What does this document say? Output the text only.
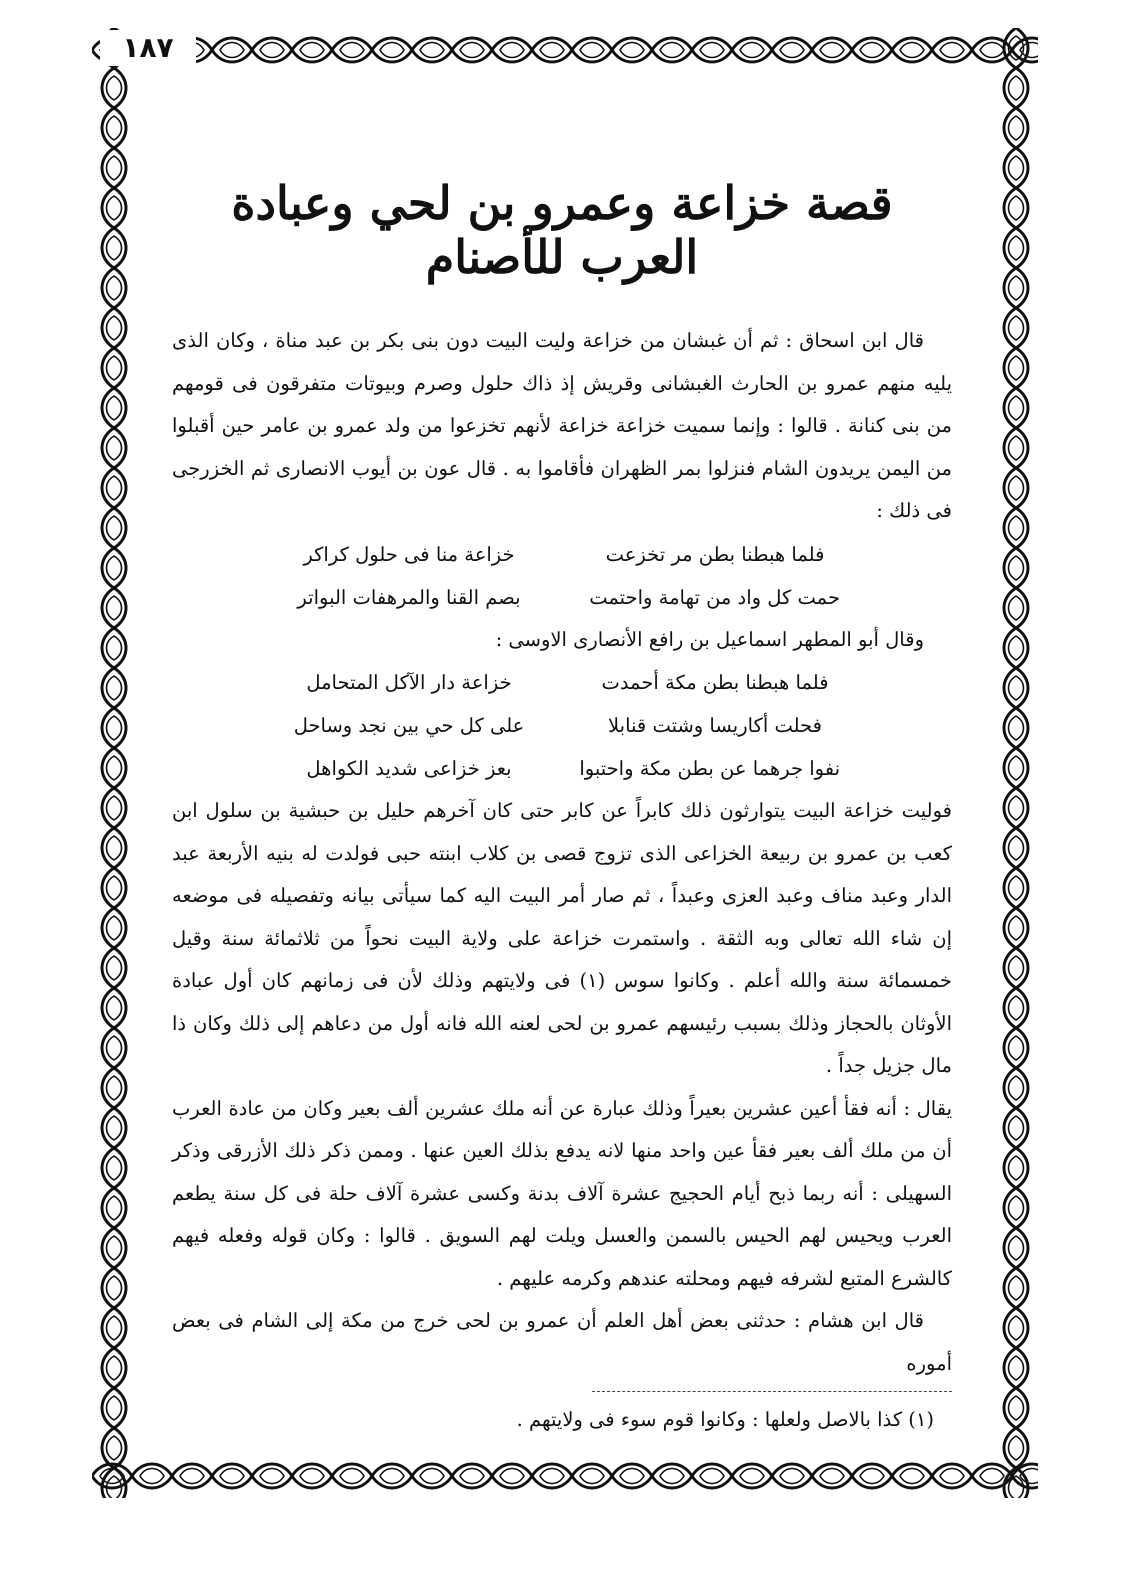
١٨٧
قصة خزاعة وعمرو بن لحي وعبادة العرب للأصنام

قال ابن اسحاق : ثم أن غبشان من خزاعة وليت البيت دون بنى بكر بن عبد مناة ، وكان الذى يليه منهم عمرو بن الحارث الغبشانى وقريش إذ ذاك حلول وصرم وبيوتات متفرقون فى قومهم من بنى كنانة . قالوا : وإنما سميت خزاعة خزاعة لأنهم تخزعوا من ولد عمرو بن عامر حين أقبلوا من اليمن يريدون الشام فنزلوا بمر الظهران فأقاموا به . قال عون بن أيوب الانصارى ثم الخزرجى فى ذلك :

فلما هبطنا بطن مر تخزعت
خزاعة منا فى حلول كراكر
حمت كل واد من تهامة واحتمت
بصم القنا والمرهفات البواتر

وقال أبو المطهر اسماعيل بن رافع الأنصارى الاوسى :

فلما هبطنا بطن مكة أحمدت
خزاعة دار الآكل المتحامل
فحلت أكاريسا وشتت قنابلا
على كل حي بين نجد وساحل
نفوا جرهما عن بطن مكة واحتبوا
بعز خزاعى شديد الكواهل

فوليت خزاعة البيت يتوارثون ذلك كابراً عن كابر حتى كان آخرهم حليل بن حبشية بن سلول ابن كعب بن عمرو بن ربيعة الخزاعى الذى تزوج قصى بن كلاب ابنته حبى فولدت له بنيه الأربعة عبد الدار وعبد مناف وعبد العزى وعبداً ، ثم صار أمر البيت اليه كما سيأتى بيانه وتفصيله فى موضعه إن شاء الله تعالى وبه الثقة . واستمرت خزاعة على ولاية البيت نحواً من ثلاثمائة سنة وقيل خمسمائة سنة والله أعلم . وكانوا سوس (١) فى ولايتهم وذلك لأن فى زمانهم كان أول عبادة الأوثان بالحجاز وذلك بسبب رئيسهم عمرو بن لحى لعنه الله فانه أول من دعاهم إلى ذلك وكان ذا مال جزيل جداً .

يقال : أنه فقأ أعين عشرين بعيراً وذلك عبارة عن أنه ملك عشرين ألف بعير وكان من عادة العرب أن من ملك ألف بعير فقأ عين واحد منها لانه يدفع بذلك العين عنها . وممن ذكر ذلك الأزرقى وذكر السهيلى : أنه ربما ذبح أيام الحجيج عشرة آلاف بدنة وكسى عشرة آلاف حلة فى كل سنة يطعم العرب ويحيس لهم الحيس بالسمن والعسل ويلت لهم السويق . قالوا : وكان قوله وفعله فيهم كالشرع المتبع لشرفه فيهم ومحلته عندهم وكرمه عليهم .

قال ابن هشام : حدثنى بعض أهل العلم أن عمرو بن لحى خرج من مكة إلى الشام فى بعض أموره

(١) كذا بالاصل ولعلها : وكانوا قوم سوء فى ولايتهم .
